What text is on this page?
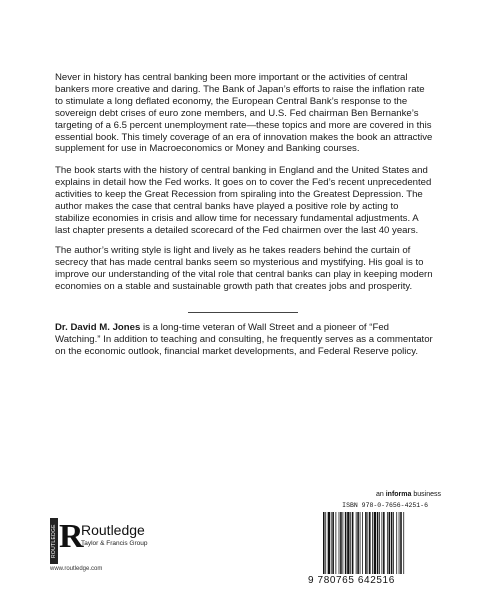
Never in history has central banking been more important or the activities of central bankers more creative and daring. The Bank of Japan’s efforts to raise the inflation rate to stimulate a long deflated economy, the European Central Bank’s response to the sovereign debt crises of euro zone members, and U.S. Fed chairman Ben Bernanke’s targeting of a 6.5 percent unemployment rate—these topics and more are covered in this essential book. This timely coverage of an era of innovation makes the book an attractive supplement for use in Macroeconomics or Money and Banking courses.

The book starts with the history of central banking in England and the United States and explains in detail how the Fed works. It goes on to cover the Fed’s recent unprecedented activities to keep the Great Recession from spiraling into the Greatest Depression. The author makes the case that central banks have played a positive role by acting to stabilize economies in crisis and allow time for necessary fundamental adjustments. A last chapter presents a detailed scorecard of the Fed chairmen over the last 40 years.

The author’s writing style is light and lively as he takes readers behind the curtain of secrecy that has made central banks seem so mysterious and mystifying. His goal is to improve our understanding of the vital role that central banks can play in keeping modern economies on a stable and sustainable growth path that creates jobs and prosperity.

Dr. David M. Jones is a long-time veteran of Wall Street and a pioneer of “Fed Watching.” In addition to teaching and consulting, he frequently serves as a commentator on the economic outlook, financial market developments, and Federal Reserve policy.

ROUTLEDGE R
Routledge
Taylor & Francis Group
www.routledge.com
an informa business
ISBN 978-0-7656-4251-6
9 780765 642516
